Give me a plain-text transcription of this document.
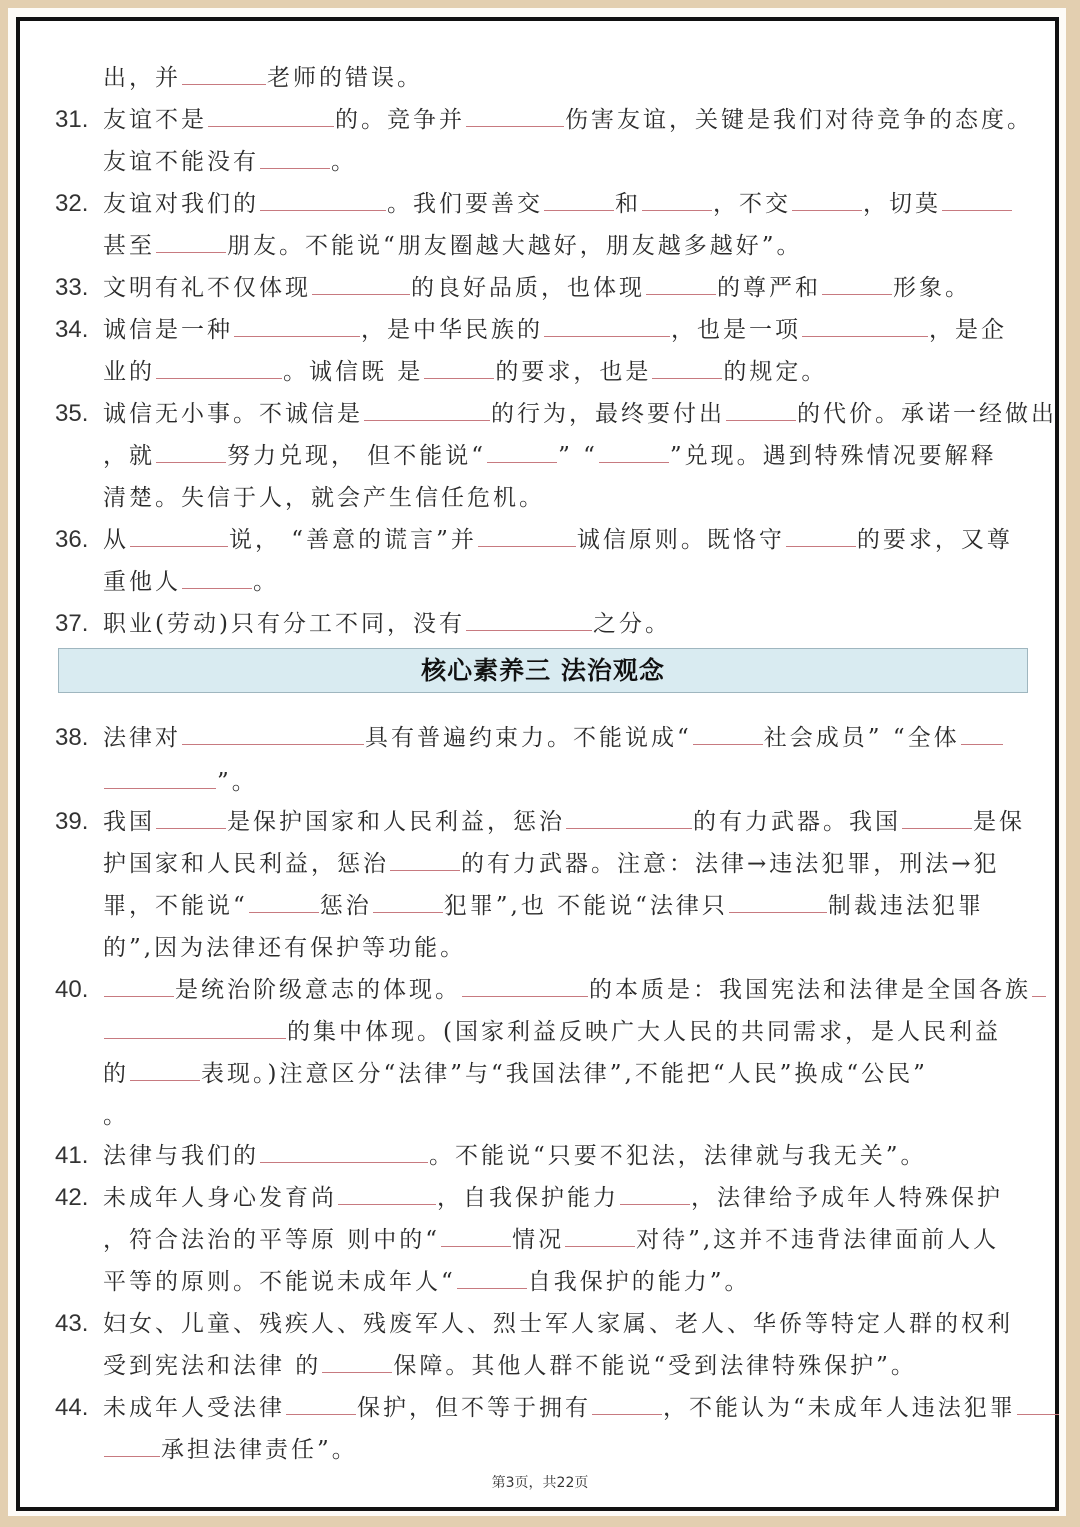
出，并	老师的错误。
31. 友谊不是	的。竞争并	伤害友谊，关键是我们对待竞争的态度。
友谊不能没有	。
32. 友谊对我们的	。我们要善交	和	，不交	，切莫
甚至	朋友。不能说“朋友圈越大越好，朋友越多越好”。
33. 文明有礼不仅体现	的良好品质，也体现	的尊严和	形象。
34. 诚信是一种	，是中华民族的	，也是一项	，是企
业的	。诚信既 是	的要求，也是	的规定。
35. 诚信无小事。不诚信是	的行为，最终要付出	的代价。承诺一经做出
，就	努力兑现， 但不能说“	” “	”兑现。遇到特殊情况要解释
清楚。失信于人，就会产生信任危机。
36. 从	说， “善意的谎言”并	诚信原则。既恪守	的要求，又尊
重他人	。
37. 职业(劳动)只有分工不同，没有	之分。
38. 法律对	具有普遍约束力。不能说成“	社会成员” “全体
”。
39. 我国	是保护国家和人民利益，惩治	的有力武器。我国	是保
护国家和人民利益，惩治	的有力武器。注意：法律→违法犯罪，刑法→犯
罪，不能说“	惩治	犯罪”,也 不能说“法律只	制裁违法犯罪
的”,因为法律还有保护等功能。
40.	是统治阶级意志的体现。	的本质是：我国宪法和法律是全国各族
的集中体现。(国家利益反映广大人民的共同需求，是人民利益
的	表现。)注意区分“法律”与“我国法律”,不能把“人民”换成“公民”
。
41. 法律与我们的	。不能说“只要不犯法，法律就与我无关”。
42. 未成年人身心发育尚	，自我保护能力	，法律给予成年人特殊保护
，符合法治的平等原 则中的“	情况	对待”,这并不违背法律面前人人
平等的原则。不能说未成年人“	自我保护的能力”。
43. 妇女、儿童、残疾人、残废军人、烈士军人家属、老人、华侨等特定人群的权利
受到宪法和法律 的	保障。其他人群不能说“受到法律特殊保护”。
44. 未成年人受法律	保护，但不等于拥有	，不能认为“未成年人违法犯罪
承担法律责任”。
核心素养三 法治观念
第3页，共22页
